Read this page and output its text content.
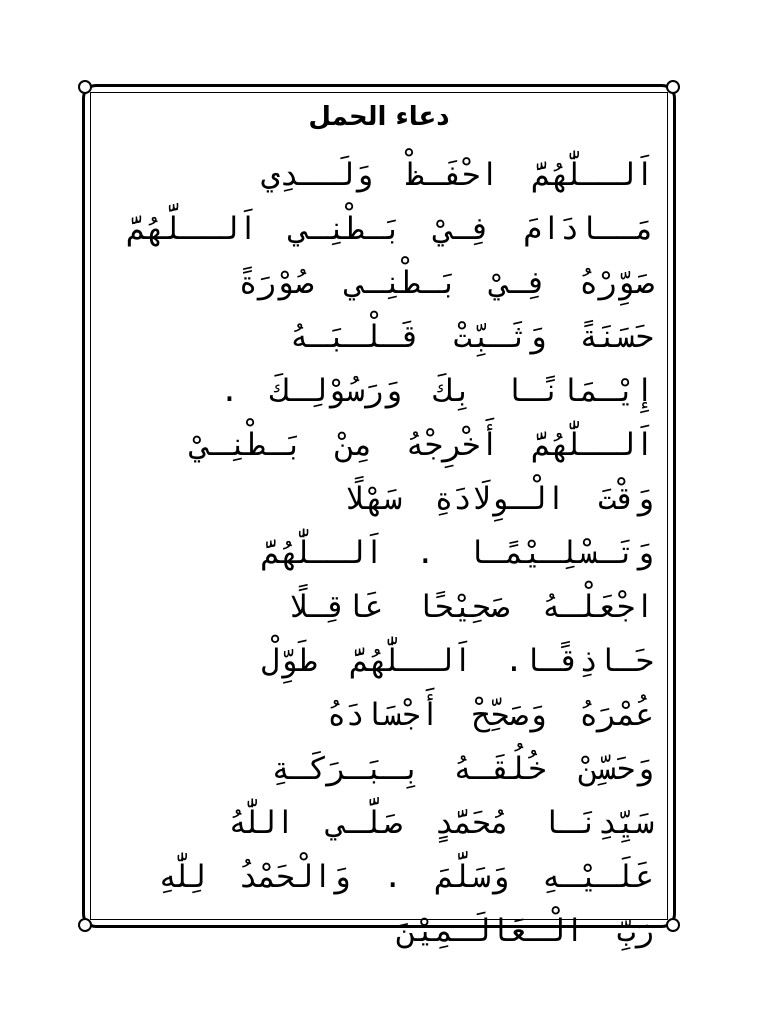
دعاء الحمل
اَلــلّٰهُمَّ احْفَـظْ وَلَــدِي
مَــادَامَ فِـيْ بَـطْنِـي اَلــلَّهُمَّ
صَوِّرْهُ فِـيْ بَـطْنِـي صُوْرَةً
حَسَنَةً وَثَـبِّتْ قَـلْـبَـهُ
إِيْـمَانًـا بِكَ وَرَسُوْلِـكَ .
اَلــلّٰهُمَّ أَخْرِجْهُ مِنْ بَـطْنِـيْ
وَقْتَ الْـوِلَادَةِ سَهْلًا
وَتَـسْلِـيْمًـا . اَلــلّٰهُمَّ
اجْعَلْـهُ صَحِيْحًا عَاقِـلًا
حَـاذِقًـا. اَلــلّٰهُمَّ طَوِّلْ
عُمْرَهُ وَصَحِّحْ أَجْسَادَهُ
وَحَسِّنْ خُلُقَـهُ بِـبَـرَكَـةِ
سَيِّدِنَـا مُحَمَّدٍ صَلَّـي اللّٰهُ
عَلَـيْـهِ وَسَلَّمَ . وَالْحَمْدُ لِلّٰهِ
رَبِّ الْـعَالَـمِيْنَ
